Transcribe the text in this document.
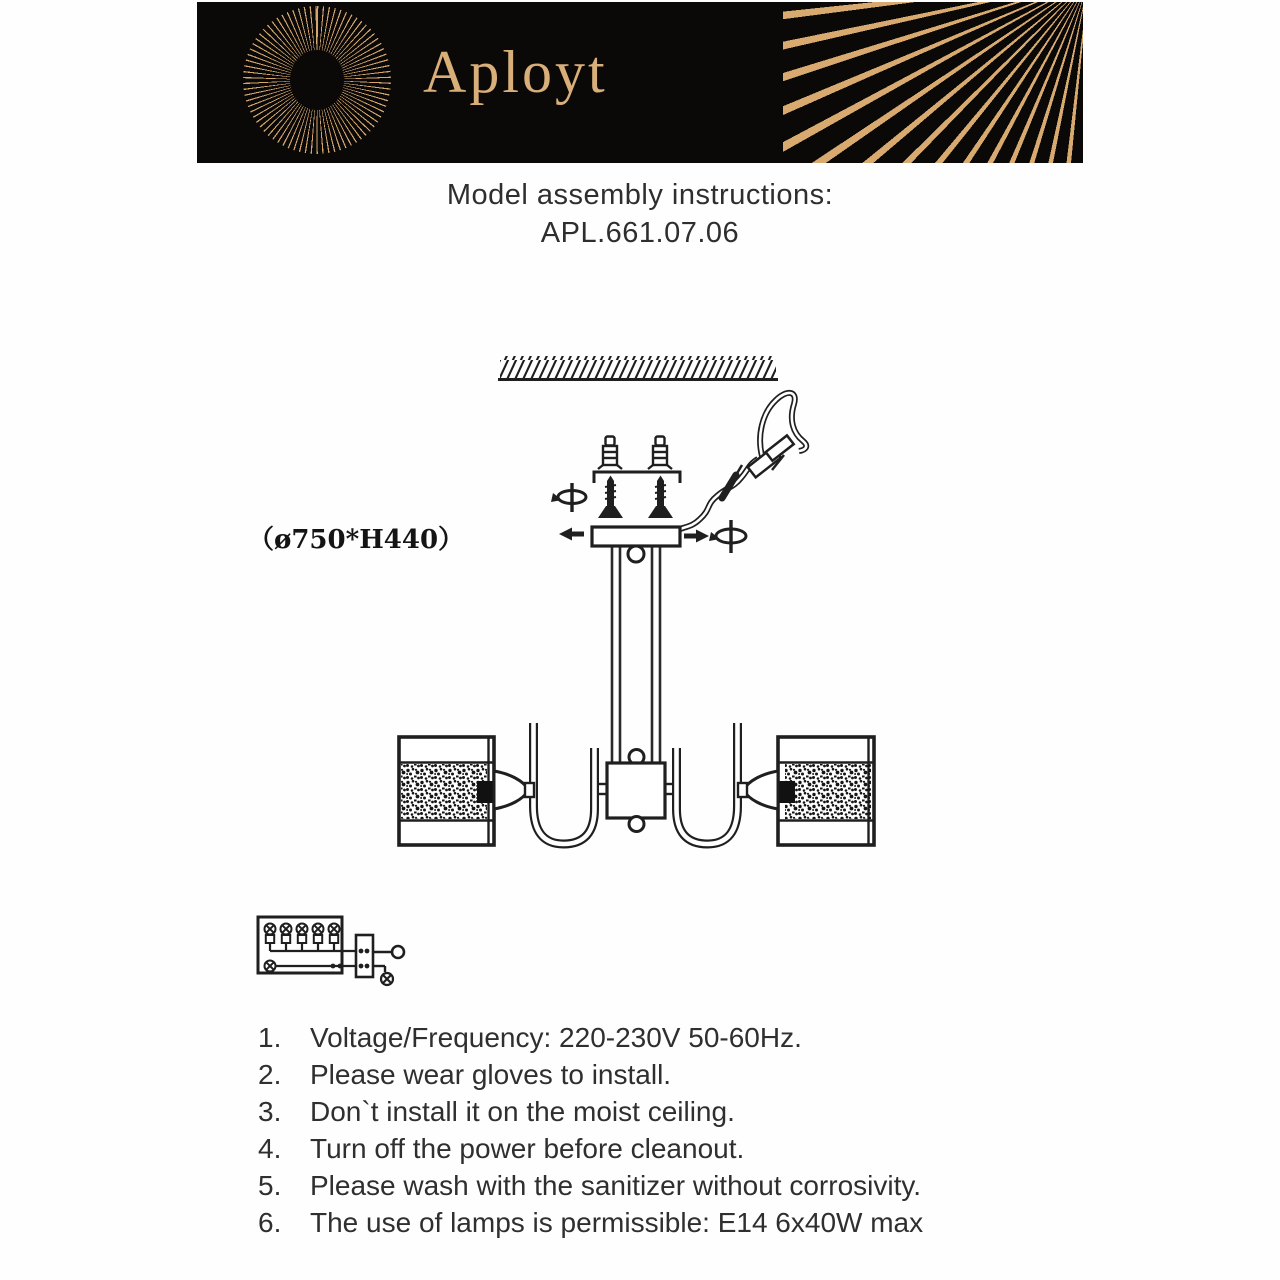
Aployt
Model assembly instructions:
APL.661.07.06
（ø750*H440）
1.	Voltage/Frequency: 220-230V 50-60Hz.
2.	Please wear gloves to install.
3.	Don`t install it on the moist ceiling.
4.	Turn off the power before cleanout.
5.	Please wash with the sanitizer without corrosivity.
6.	The use of lamps is permissible: E14 6x40W max
